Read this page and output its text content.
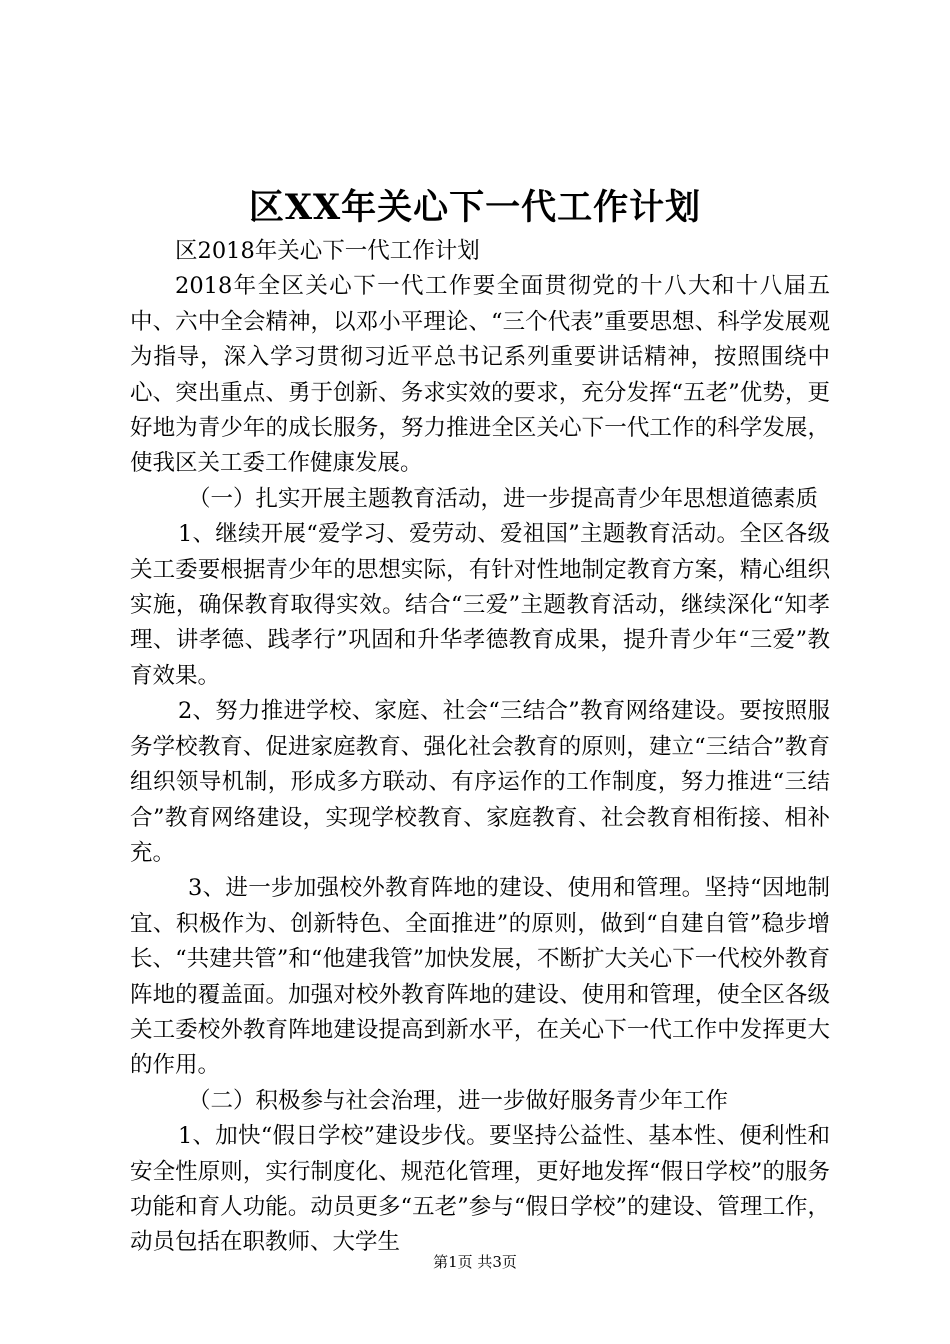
区XX年关心下一代工作计划

区2018年关心下一代工作计划

2018年全区关心下一代工作要全面贯彻党的十八大和十八届五中、六中全会精神，以邓小平理论、“三个代表”重要思想、科学发展观为指导，深入学习贯彻习近平总书记系列重要讲话精神，按照围绕中心、突出重点、勇于创新、务求实效的要求，充分发挥“五老”优势，更好地为青少年的成长服务，努力推进全区关心下一代工作的科学发展，使我区关工委工作健康发展。

（一）扎实开展主题教育活动，进一步提高青少年思想道德素质

1、继续开展“爱学习、爱劳动、爱祖国”主题教育活动。全区各级关工委要根据青少年的思想实际，有针对性地制定教育方案，精心组织实施，确保教育取得实效。结合“三爱”主题教育活动，继续深化“知孝理、讲孝德、践孝行”巩固和升华孝德教育成果，提升青少年“三爱”教育效果。

2、努力推进学校、家庭、社会“三结合”教育网络建设。要按照服务学校教育、促进家庭教育、强化社会教育的原则，建立“三结合”教育组织领导机制，形成多方联动、有序运作的工作制度，努力推进“三结合”教育网络建设，实现学校教育、家庭教育、社会教育相衔接、相补充。

3、进一步加强校外教育阵地的建设、使用和管理。坚持“因地制宜、积极作为、创新特色、全面推进”的原则，做到“自建自管”稳步增长、“共建共管”和“他建我管”加快发展，不断扩大关心下一代校外教育阵地的覆盖面。加强对校外教育阵地的建设、使用和管理，使全区各级关工委校外教育阵地建设提高到新水平，在关心下一代工作中发挥更大的作用。

（二）积极参与社会治理，进一步做好服务青少年工作

1、加快“假日学校”建设步伐。要坚持公益性、基本性、便利性和安全性原则，实行制度化、规范化管理，更好地发挥“假日学校”的服务功能和育人功能。动员更多“五老”参与“假日学校”的建设、管理工作，动员包括在职教师、大学生

第1页 共3页
